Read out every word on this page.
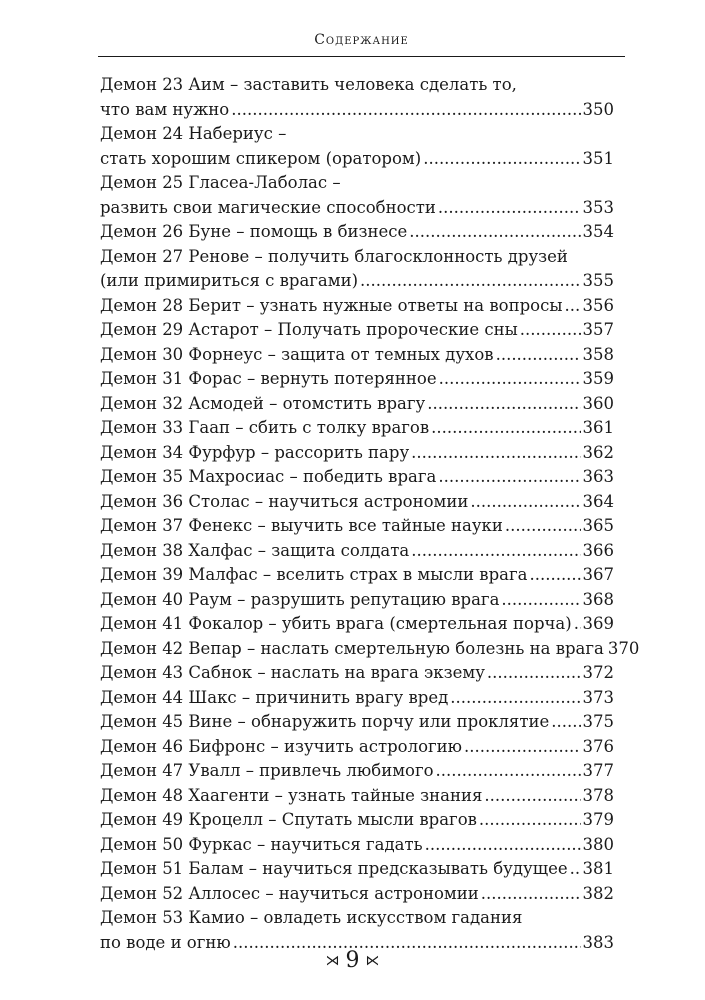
Содержание
Демон 23 Аим – заставить человека сделать то,
что вам нужно .....	350
Демон 24 Набериус –
стать хорошим спикером (оратором) .....	351
Демон 25 Гласеа-Лаболас –
развить свои магические способности .....	353
Демон 26 Буне – помощь в бизнесе .....	354
Демон 27 Ренове – получить благосклонность друзей
(или примириться с врагами) .....	355
Демон 28 Берит – узнать нужные ответы на вопросы ..... 356
Демон 29 Астарот – Получать пророческие сны .....	357
Демон 30 Форнеус – защита от темных духов .....	358
Демон 31 Форас – вернуть потерянное .....	359
Демон 32 Асмодей – отомстить врагу .....	360
Демон 33 Гаап – сбить с толку врагов .....	361
Демон 34 Фурфур – рассорить пару .....	362
Демон 35 Махросиас – победить врага .....	363
Демон 36 Столас – научиться астрономии .....	364
Демон 37 Фенекс – выучить все тайные науки .....	365
Демон 38 Халфас – защита солдата .....	366
Демон 39 Малфас – вселить страх в мысли врага .....	367
Демон 40 Раум – разрушить репутацию врага .....	368
Демон 41 Фокалор – убить врага (смертельная порча) ..... 369
Демон 42 Вепар – наслать смертельную болезнь на врага 370
Демон 43 Сабнок – наслать на врага экзему .....	372
Демон 44 Шакс – причинить врагу вред .....	373
Демон 45 Вине – обнаружить порчу или проклятие ..... 375
Демон 46 Бифронс – изучить астрологию .....	376
Демон 47 Увалл – привлечь любимого .....	377
Демон 48 Хаагенти – узнать тайные знания .....	378
Демон 49 Кроцелл – Спутать мысли врагов .....	379
Демон 50 Фуркас – научиться гадать .....	380
Демон 51 Балам – научиться предсказывать будущее ..... 381
Демон 52 Аллосес – научиться астрономии .....	382
Демон 53 Камио – овладеть искусством гадания
по воде и огню .....	383
⋊ 9 ⋉
